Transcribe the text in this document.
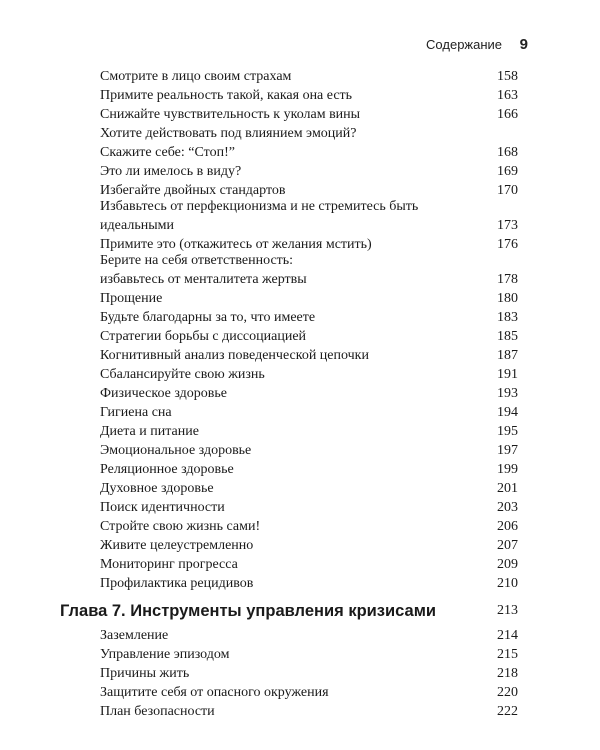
Содержание 9
Смотрите в лицо своим страхам	158
Примите реальность такой, какая она есть	163
Снижайте чувствительность к уколам вины	166
Хотите действовать под влиянием эмоций?
Скажите себе: “Стоп!”	168
Это ли имелось в виду?	169
Избегайте двойных стандартов	170
Избавьтесь от перфекционизма и не стремитесь быть
идеальными	173
Примите это (откажитесь от желания мстить)	176
Берите на себя ответственность:
избавьтесь от менталитета жертвы	178
Прощение	180
Будьте благодарны за то, что имеете	183
Стратегии борьбы с диссоциацией	185
Когнитивный анализ поведенческой цепочки	187
Сбалансируйте свою жизнь	191
Физическое здоровье	193
Гигиена сна	194
Диета и питание	195
Эмоциональное здоровье	197
Реляционное здоровье	199
Духовное здоровье	201
Поиск идентичности	203
Стройте свою жизнь сами!	206
Живите целеустремленно	207
Мониторинг прогресса	209
Профилактика рецидивов	210
Глава 7. Инструменты управления кризисами	213
Заземление	214
Управление эпизодом	215
Причины жить	218
Защитите себя от опасного окружения	220
План безопасности	222
